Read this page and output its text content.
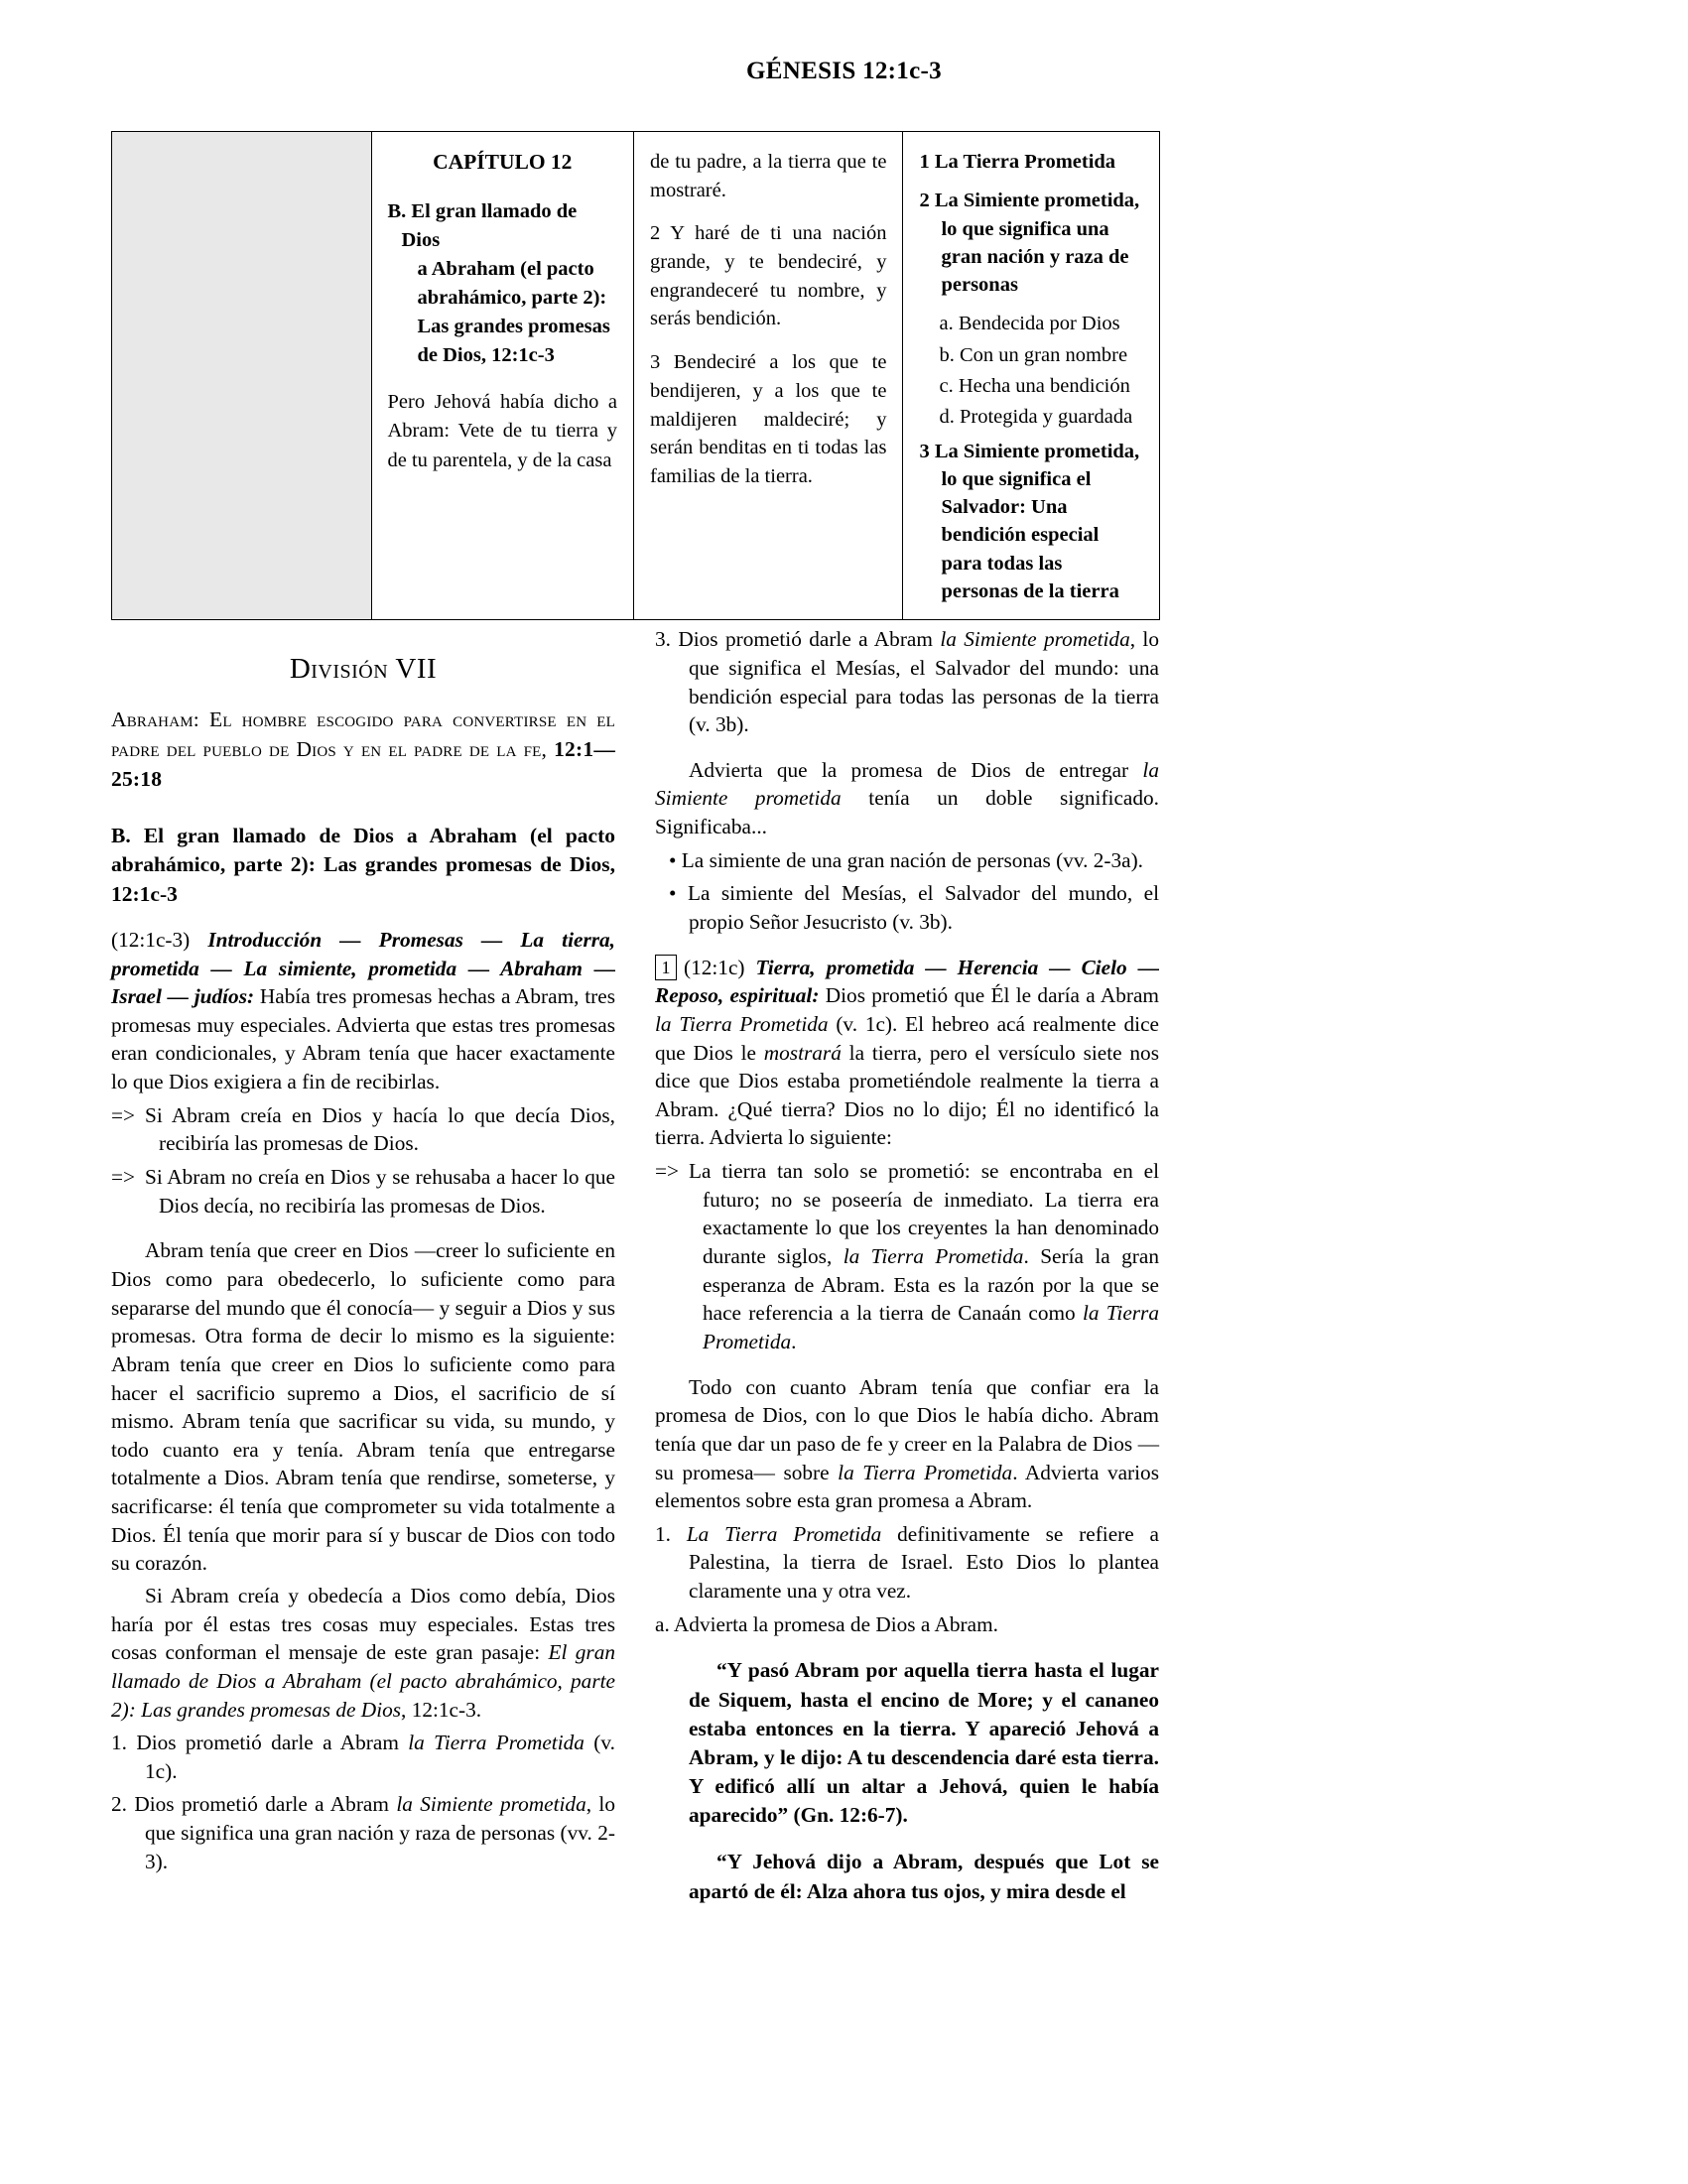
GÉNESIS 12:1c-3
CAPÍTULO 12
B. El gran llamado de Dios
a Abraham (el pacto
abrahámico, parte 2):
Las grandes promesas
de Dios, 12:1c-3

Pero Jehová había dicho a Abram: Vete de tu tierra y de tu parentela, y de la casa

de tu padre, a la tierra que te mostraré.

2 Y haré de ti una nación grande, y te bendeciré, y engrandeceré tu nombre, y serás bendición.

3 Bendeciré a los que te bendijeren, y a los que te maldijeren maldeciré; y serán benditas en ti todas las familias de la tierra.

1 La Tierra Prometida
2 La Simiente prometida, lo que significa una gran nación y raza de personas
a. Bendecida por Dios
b. Con un gran nombre
c. Hecha una bendición
d. Protegida y guardada
3 La Simiente prometida, lo que significa el Salvador: Una bendición especial para todas las personas de la tierra
División VII

Abraham: El hombre escogido para convertirse en el padre del pueblo de Dios y en el padre de la fe, 12:1—25:18

B. El gran llamado de Dios a Abraham (el pacto abrahámico, parte 2): Las grandes promesas de Dios, 12:1c-3

(12:1c-3) Introducción — Promesas — La tierra, prometida — La simiente, prometida — Abraham — Israel — judíos: Había tres promesas hechas a Abram, tres promesas muy especiales. Advierta que estas tres promesas eran condicionales, y Abram tenía que hacer exactamente lo que Dios exigiera a fin de recibirlas.

=> Si Abram creía en Dios y hacía lo que decía Dios, recibiría las promesas de Dios.

=> Si Abram no creía en Dios y se rehusaba a hacer lo que Dios decía, no recibiría las promesas de Dios.

Abram tenía que creer en Dios —creer lo suficiente en Dios como para obedecerlo, lo suficiente como para separarse del mundo que él conocía— y seguir a Dios y sus promesas. Otra forma de decir lo mismo es la siguiente: Abram tenía que creer en Dios lo suficiente como para hacer el sacrificio supremo a Dios, el sacrificio de sí mismo. Abram tenía que sacrificar su vida, su mundo, y todo cuanto era y tenía. Abram tenía que entregarse totalmente a Dios. Abram tenía que rendirse, someterse, y sacrificarse: él tenía que comprometer su vida totalmente a Dios. Él tenía que morir para sí y buscar de Dios con todo su corazón.

Si Abram creía y obedecía a Dios como debía, Dios haría por él estas tres cosas muy especiales. Estas tres cosas conforman el mensaje de este gran pasaje: El gran llamado de Dios a Abraham (el pacto abrahámico, parte 2): Las grandes promesas de Dios, 12:1c-3.

1. Dios prometió darle a Abram la Tierra Prometida (v. 1c).

2. Dios prometió darle a Abram la Simiente prometida, lo que significa una gran nación y raza de personas (vv. 2-3).

3. Dios prometió darle a Abram la Simiente prometida, lo que significa el Mesías, el Salvador del mundo: una bendición especial para todas las personas de la tierra (v. 3b).

Advierta que la promesa de Dios de entregar la Simiente prometida tenía un doble significado. Significaba...

• La simiente de una gran nación de personas (vv. 2-3a).

• La simiente del Mesías, el Salvador del mundo, el propio Señor Jesucristo (v. 3b).

1 (12:1c) Tierra, prometida — Herencia — Cielo — Reposo, espiritual: Dios prometió que Él le daría a Abram la Tierra Prometida (v. 1c). El hebreo acá realmente dice que Dios le mostrará la tierra, pero el versículo siete nos dice que Dios estaba prometiéndole realmente la tierra a Abram. ¿Qué tierra? Dios no lo dijo; Él no identificó la tierra. Advierta lo siguiente:

=> La tierra tan solo se prometió: se encontraba en el futuro; no se poseería de inmediato. La tierra era exactamente lo que los creyentes la han denominado durante siglos, la Tierra Prometida. Sería la gran esperanza de Abram. Esta es la razón por la que se hace referencia a la tierra de Canaán como la Tierra Prometida.

Todo con cuanto Abram tenía que confiar era la promesa de Dios, con lo que Dios le había dicho. Abram tenía que dar un paso de fe y creer en la Palabra de Dios —su promesa— sobre la Tierra Prometida. Advierta varios elementos sobre esta gran promesa a Abram.

1. La Tierra Prometida definitivamente se refiere a Palestina, la tierra de Israel. Esto Dios lo plantea claramente una y otra vez.

a. Advierta la promesa de Dios a Abram.

“Y pasó Abram por aquella tierra hasta el lugar de Siquem, hasta el encino de More; y el cananeo estaba entonces en la tierra. Y apareció Jehová a Abram, y le dijo: A tu descendencia daré esta tierra. Y edificó allí un altar a Jehová, quien le había aparecido” (Gn. 12:6-7).

“Y Jehová dijo a Abram, después que Lot se apartó de él: Alza ahora tus ojos, y mira desde el
